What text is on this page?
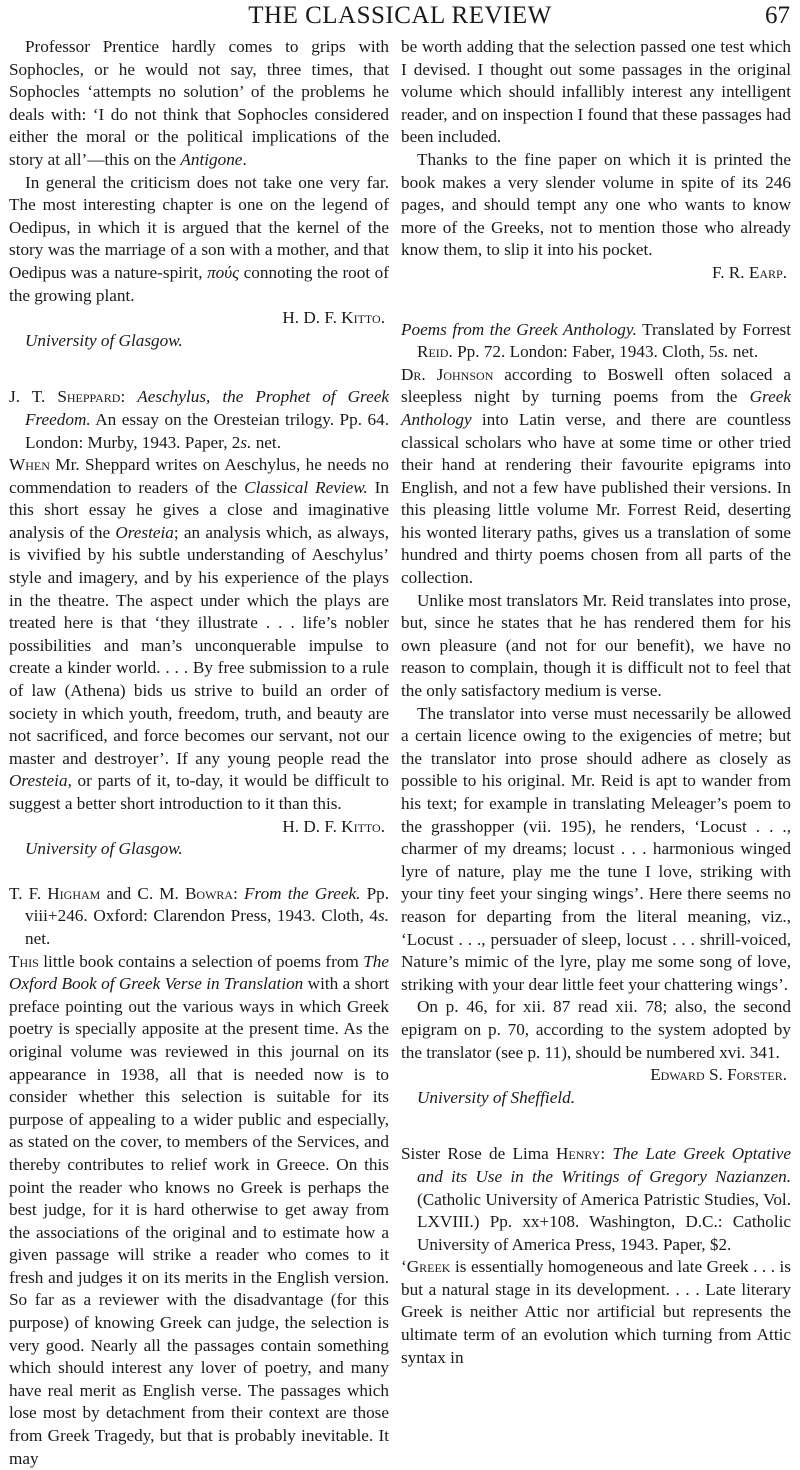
THE CLASSICAL REVIEW	67

Professor Prentice hardly comes to grips with Sophocles, or he would not say, three times, that Sophocles ‘attempts no solution’ of the problems he deals with: ‘I do not think that Sophocles considered either the moral or the political implications of the story at all’—this on the Antigone.

In general the criticism does not take one very far. The most interesting chapter is one on the legend of Oedipus, in which it is argued that the kernel of the story was the marriage of a son with a mother, and that Oedipus was a nature-spirit, πούς connoting the root of the growing plant.

H. D. F. Kitto.

University of Glasgow.

J. T. Sheppard: Aeschylus, the Prophet of Greek Freedom. An essay on the Oresteian trilogy. Pp. 64. London: Murby, 1943. Paper, 2s. net.

When Mr. Sheppard writes on Aeschylus, he needs no commendation to readers of the Classical Review. In this short essay he gives a close and imaginative analysis of the Oresteia; an analysis which, as always, is vivified by his subtle understanding of Aeschylus’ style and imagery, and by his experience of the plays in the theatre. The aspect under which the plays are treated here is that ‘they illustrate . . . life’s nobler possibilities and man’s unconquerable impulse to create a kinder world. . . . By free submission to a rule of law (Athena) bids us strive to build an order of society in which youth, freedom, truth, and beauty are not sacrificed, and force becomes our servant, not our master and destroyer’. If any young people read the Oresteia, or parts of it, to-day, it would be difficult to suggest a better short introduction to it than this.

H. D. F. Kitto.

University of Glasgow.

T. F. Higham and C. M. Bowra: From the Greek. Pp. viii+246. Oxford: Clarendon Press, 1943. Cloth, 4s. net.

This little book contains a selection of poems from The Oxford Book of Greek Verse in Translation with a short preface pointing out the various ways in which Greek poetry is specially apposite at the present time. As the original volume was reviewed in this journal on its appearance in 1938, all that is needed now is to consider whether this selection is suitable for its purpose of appealing to a wider public and especially, as stated on the cover, to members of the Services, and thereby contributes to relief work in Greece. On this point the reader who knows no Greek is perhaps the best judge, for it is hard otherwise to get away from the associations of the original and to estimate how a given passage will strike a reader who comes to it fresh and judges it on its merits in the English version. So far as a reviewer with the disadvantage (for this purpose) of knowing Greek can judge, the selection is very good. Nearly all the passages contain something which should interest any lover of poetry, and many have real merit as English verse. The passages which lose most by detachment from their context are those from Greek Tragedy, but that is probably inevitable. It may

be worth adding that the selection passed one test which I devised. I thought out some passages in the original volume which should infallibly interest any intelligent reader, and on inspection I found that these passages had been included.

Thanks to the fine paper on which it is printed the book makes a very slender volume in spite of its 246 pages, and should tempt any one who wants to know more of the Greeks, not to mention those who already know them, to slip it into his pocket.

F. R. Earp.

Poems from the Greek Anthology. Translated by Forrest Reid. Pp. 72. London: Faber, 1943. Cloth, 5s. net.

Dr. Johnson according to Boswell often solaced a sleepless night by turning poems from the Greek Anthology into Latin verse, and there are countless classical scholars who have at some time or other tried their hand at rendering their favourite epigrams into English, and not a few have published their versions. In this pleasing little volume Mr. Forrest Reid, deserting his wonted literary paths, gives us a translation of some hundred and thirty poems chosen from all parts of the collection.

Unlike most translators Mr. Reid translates into prose, but, since he states that he has rendered them for his own pleasure (and not for our benefit), we have no reason to complain, though it is difficult not to feel that the only satisfactory medium is verse.

The translator into verse must necessarily be allowed a certain licence owing to the exigencies of metre; but the translator into prose should adhere as closely as possible to his original. Mr. Reid is apt to wander from his text; for example in translating Meleager’s poem to the grasshopper (vii. 195), he renders, ‘Locust . . ., charmer of my dreams; locust . . . harmonious winged lyre of nature, play me the tune I love, striking with your tiny feet your singing wings’. Here there seems no reason for departing from the literal meaning, viz., ‘Locust . . ., persuader of sleep, locust . . . shrill-voiced, Nature’s mimic of the lyre, play me some song of love, striking with your dear little feet your chattering wings’.

On p. 46, for xii. 87 read xii. 78; also, the second epigram on p. 70, according to the system adopted by the translator (see p. 11), should be numbered xvi. 341.

Edward S. Forster.

University of Sheffield.

Sister Rose de Lima Henry: The Late Greek Optative and its Use in the Writings of Gregory Nazianzen. (Catholic University of America Patristic Studies, Vol. LXVIII.) Pp. xx+108. Washington, D.C.: Catholic University of America Press, 1943. Paper, $2.

‘Greek is essentially homogeneous and late Greek . . . is but a natural stage in its development. . . . Late literary Greek is neither Attic nor artificial but represents the ultimate term of an evolution which turning from Attic syntax in
